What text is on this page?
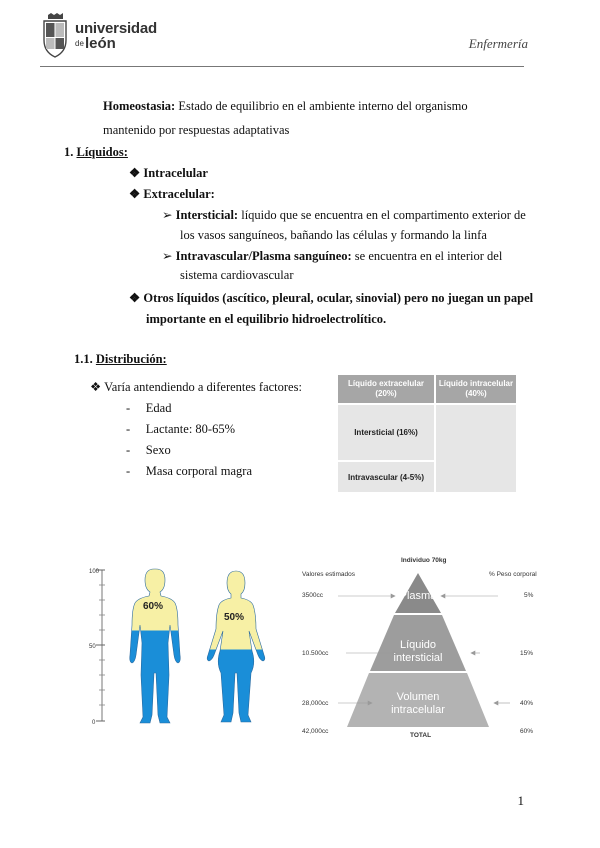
universidad
de león	Enfermería
Homeostasia: Estado de equilibrio en el ambiente interno del organismo
mantenido por respuestas adaptativas
1. Líquidos:
❖ Intracelular
❖ Extracelular:
➢ Intersticial: líquido que se encuentra en el compartimento exterior de
los vasos sanguíneos, bañando las células y formando la linfa
➢ Intravascular/Plasma sanguíneo: se encuentra en el interior del
sistema cardiovascular
❖ Otros líquidos (ascítico, pleural, ocular, sinovial) pero no juegan un papel
importante en el equilibrio hidroelectrolítico.
1.1. Distribución:
❖ Varía antendiendo a diferentes factores:
- Edad
- Lactante: 80-65%
- Sexo
- Masa corporal magra
Líquido extracelular (20%)
Líquido intracelular (40%)
Intersticial (16%)
Intravascular (4-5%)
100
50
0
60%
50%
Individuo 70kg
Valores estimados	% Peso corporal
Plasma
Líquido
intersticial
Volumen
intracelular
3500cc
10.500cc
28,000cc
42,000cc
5%
15%
40%
60%
TOTAL
1
